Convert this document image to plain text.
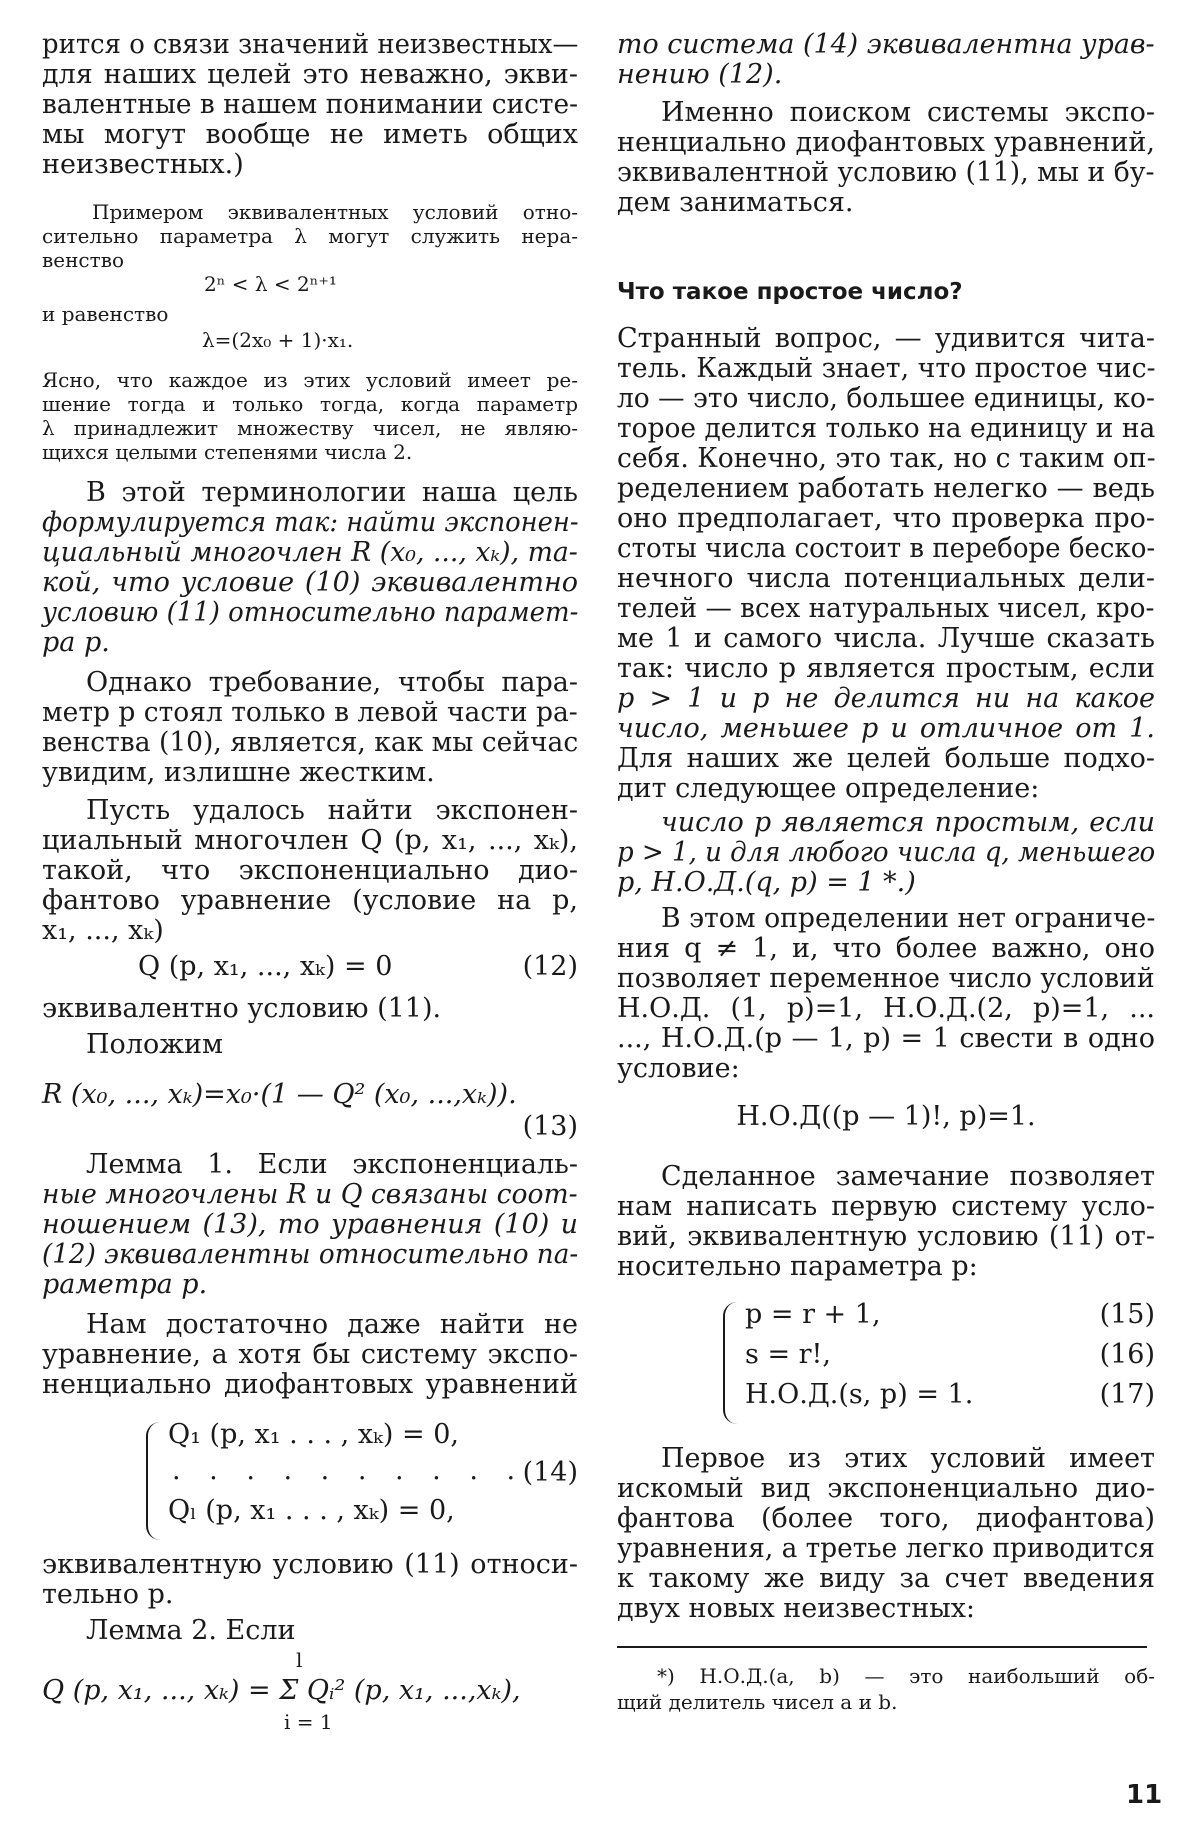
рится о связи значений неизвестных—
для наших целей это неважно, экви-
валентные в нашем понимании систе-
мы могут вообще не иметь общих
неизвестных.)
Примером эквивалентных условий отно-
сительно параметра λ могут служить нера-
венство
2ⁿ < λ < 2ⁿ⁺¹
и равенство
λ=(2x₀ + 1)·x₁.
Ясно, что каждое из этих условий имеет ре-
шение тогда и только тогда, когда параметр
λ принадлежит множеству чисел, не являю-
щихся целыми степенями числа 2.
В этой терминологии наша цель
формулируется так: найти экспонен-
циальный многочлен R (x₀, ..., xₖ), та-
кой, что условие (10) эквивалентно
условию (11) относительно парамет-
ра p.
Однако требование, чтобы пара-
метр p стоял только в левой части ра-
венства (10), является, как мы сейчас
увидим, излишне жестким.
Пусть удалось найти экспонен-
циальный многочлен Q (p, x₁, ..., xₖ),
такой, что экспоненциально дио-
фантово уравнение (условие на p,
x₁, ..., xₖ)
Q (p, x₁, ..., xₖ) = 0	(12)
эквивалентно условию (11).
Положим
R (x₀, ..., xₖ)=x₀·(1 — Q² (x₀, ...,xₖ)).
(13)
Лемма 1. Если экспоненциаль-
ные многочлены R и Q связаны соот-
ношением (13), то уравнения (10) и
(12) эквивалентны относительно па-
раметра p.
Нам достаточно даже найти не
уравнение, а хотя бы систему экспо-
ненциально диофантовых уравнений
Q₁ (p, x₁ . . . , xₖ) = 0,
. . . . . . . . . .
Qₗ (p, x₁ . . . , xₖ) = 0,
(14)
эквивалентную условию (11) относи-
тельно p.
Лемма 2. Если
l
Q (p, x₁, ..., xₖ) = Σ Qᵢ² (p, x₁, ...,xₖ),
i = 1
то система (14) эквивалентна урав-
нению (12).
Именно поиском системы экспо-
ненциально диофантовых уравнений,
эквивалентной условию (11), мы и бу-
дем заниматься.
Что такое простое число?
Странный вопрос, — удивится чита-
тель. Каждый знает, что простое чис-
ло — это число, большее единицы, ко-
торое делится только на единицу и на
себя. Конечно, это так, но с таким оп-
ределением работать нелегко — ведь
оно предполагает, что проверка про-
стоты числа состоит в переборе беско-
нечного числа потенциальных дели-
телей — всех натуральных чисел, кро-
ме 1 и самого числа. Лучше сказать
так: число p является простым, если
p > 1 и p не делится ни на какое
число, меньшее p и отличное от 1.
Для наших же целей больше подхо-
дит следующее определение:
число p является простым, если
p > 1, и для любого числа q, меньшего
p, Н.О.Д.(q, p) = 1 *.)
В этом определении нет ограниче-
ния q ≠ 1, и, что более важно, оно
позволяет переменное число условий
Н.О.Д. (1, p)=1, Н.О.Д.(2, p)=1, ...
..., Н.О.Д.(p — 1, p) = 1 свести в одно
условие:
Н.О.Д((p — 1)!, p)=1.
Сделанное замечание позволяет
нам написать первую систему усло-
вий, эквивалентную условию (11) от-
носительно параметра p:
p = r + 1,	(15)
s = r!,	(16)
Н.О.Д.(s, p) = 1.	(17)
Первое из этих условий имеет
искомый вид экспоненциально дио-
фантова (более того, диофантова)
уравнения, а третье легко приводится
к такому же виду за счет введения
двух новых неизвестных:
*) Н.О.Д.(a, b) — это наибольший об-
щий делитель чисел a и b.
11
